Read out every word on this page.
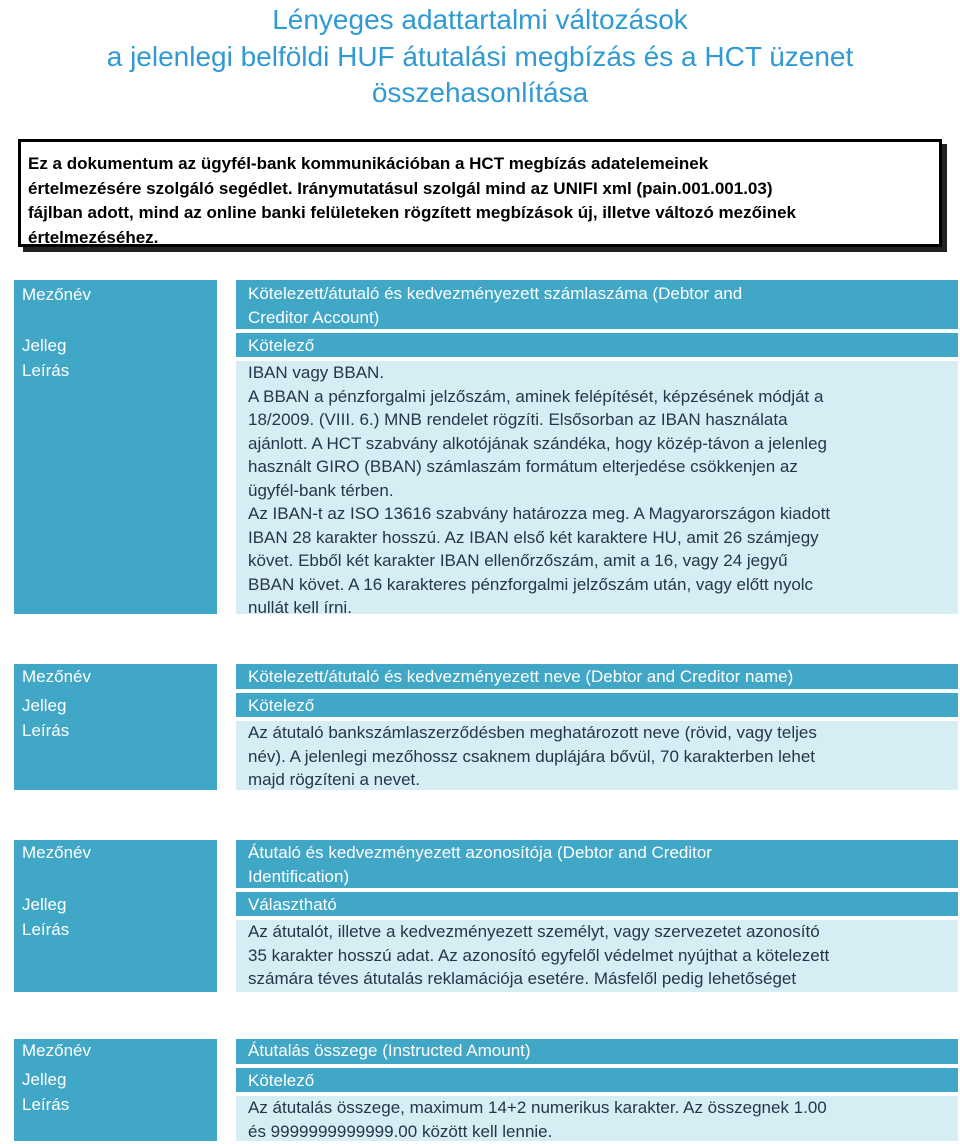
Lényeges adattartalmi változások
a jelenlegi belföldi HUF átutalási megbízás és a HCT üzenet
összehasonlítása
Ez a dokumentum az ügyfél-bank kommunikációban a HCT megbízás adatelemeinek
értelmezésére szolgáló segédlet. Iránymutatásul szolgál mind az UNIFI xml (pain.001.001.03)
fájlban adott, mind az online banki felületeken rögzített megbízások új, illetve változó mezőinek
értelmezéséhez.
Mezőnév
Jelleg
Leírás
Kötelezett/átutaló és kedvezményezett számlaszáma (Debtor and
Creditor Account)
Kötelező
IBAN vagy BBAN.
A BBAN a pénzforgalmi jelzőszám, aminek felépítését, képzésének módját a
18/2009. (VIII. 6.) MNB rendelet rögzíti. Elsősorban az IBAN használata
ajánlott. A HCT szabvány alkotójának szándéka, hogy közép-távon a jelenleg
használt GIRO (BBAN) számlaszám formátum elterjedése csökkenjen az
ügyfél-bank térben.
Az IBAN-t az ISO 13616 szabvány határozza meg. A Magyarországon kiadott
IBAN 28 karakter hosszú. Az IBAN első két karaktere HU, amit 26 számjegy
követ. Ebből két karakter IBAN ellenőrzőszám, amit a 16, vagy 24 jegyű
BBAN követ. A 16 karakteres pénzforgalmi jelzőszám után, vagy előtt nyolc
nullát kell írni.
Mezőnév
Jelleg
Leírás
Kötelezett/átutaló és kedvezményezett neve (Debtor and Creditor name)
Kötelező
Az átutaló bankszámlaszerződésben meghatározott neve (rövid, vagy teljes
név). A jelenlegi mezőhossz csaknem duplájára bővül, 70 karakterben lehet
majd rögzíteni a nevet.
Mezőnév
Jelleg
Leírás
Átutaló és kedvezményezett azonosítója (Debtor and Creditor
Identification)
Választható
Az átutalót, illetve a kedvezményezett személyt, vagy szervezetet azonosító
35 karakter hosszú adat. Az azonosító egyfelől védelmet nyújthat a kötelezett
számára téves átutalás reklamációja esetére. Másfelől pedig lehetőséget
Mezőnév
Jelleg
Leírás
Átutalás összege (Instructed Amount)
Kötelező
Az átutalás összege, maximum 14+2 numerikus karakter. Az összegnek 1.00
és 9999999999999.00 között kell lennie.
